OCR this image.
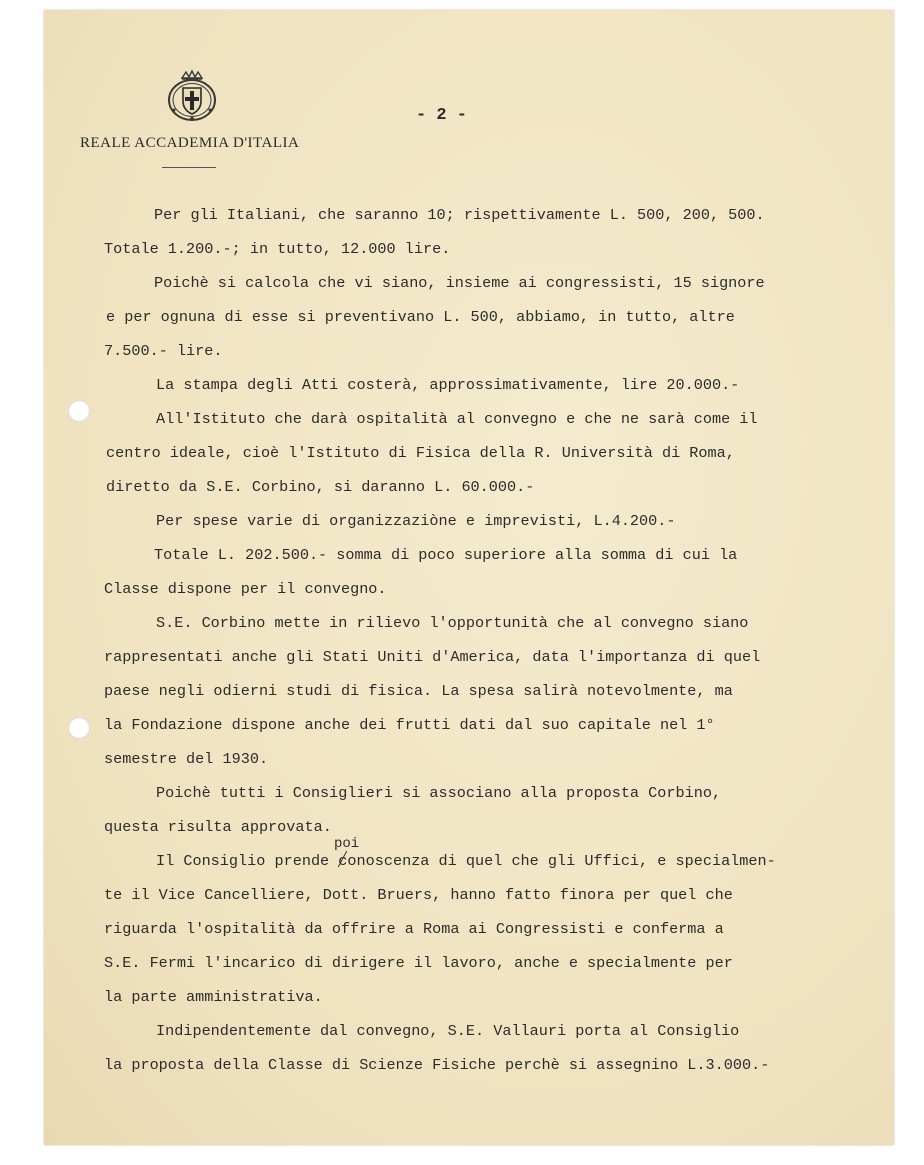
REALE ACCADEMIA D'ITALIA
- 2 -
Per gli Italiani, che saranno 10; rispettivamente L. 500, 200, 500.
Totale 1.200.-; in tutto, 12.000 lire.
Poichè si calcola che vi siano, insieme ai congressisti, 15 signore
e per ognuna di esse si preventivano L. 500, abbiamo, in tutto, altre
7.500.- lire.
La stampa degli Atti costerà, approssimativamente, lire 20.000.-
All'Istituto che darà ospitalità al convegno e che ne sarà come il
centro ideale, cioè l'Istituto di Fisica della R. Università di Roma,
diretto da S.E. Corbino, si daranno L. 60.000.-
Per spese varie di organizzaziòne e imprevisti, L.4.200.-
Totale L. 202.500.- somma di poco superiore alla somma di cui la
Classe dispone per il convegno.
S.E. Corbino mette in rilievo l'opportunità che al convegno siano
rappresentati anche gli Stati Uniti d'America, data l'importanza di quel
paese negli odierni studi di fisica. La spesa salirà notevolmente, ma
la Fondazione dispone anche dei frutti dati dal suo capitale nel 1°
semestre del 1930.
Poichè tutti i Consiglieri si associano alla proposta Corbino,
questa risulta approvata.
poi
Il Consiglio prende conoscenza di quel che gli Uffici, e specialmen-
te il Vice Cancelliere, Dott. Bruers, hanno fatto finora per quel che
riguarda l'ospitalità da offrire a Roma ai Congressisti e conferma a
S.E. Fermi l'incarico di dirigere il lavoro, anche e specialmente per
la parte amministrativa.
Indipendentemente dal convegno, S.E. Vallauri porta al Consiglio
la proposta della Classe di Scienze Fisiche perchè si assegnino L.3.000.-
